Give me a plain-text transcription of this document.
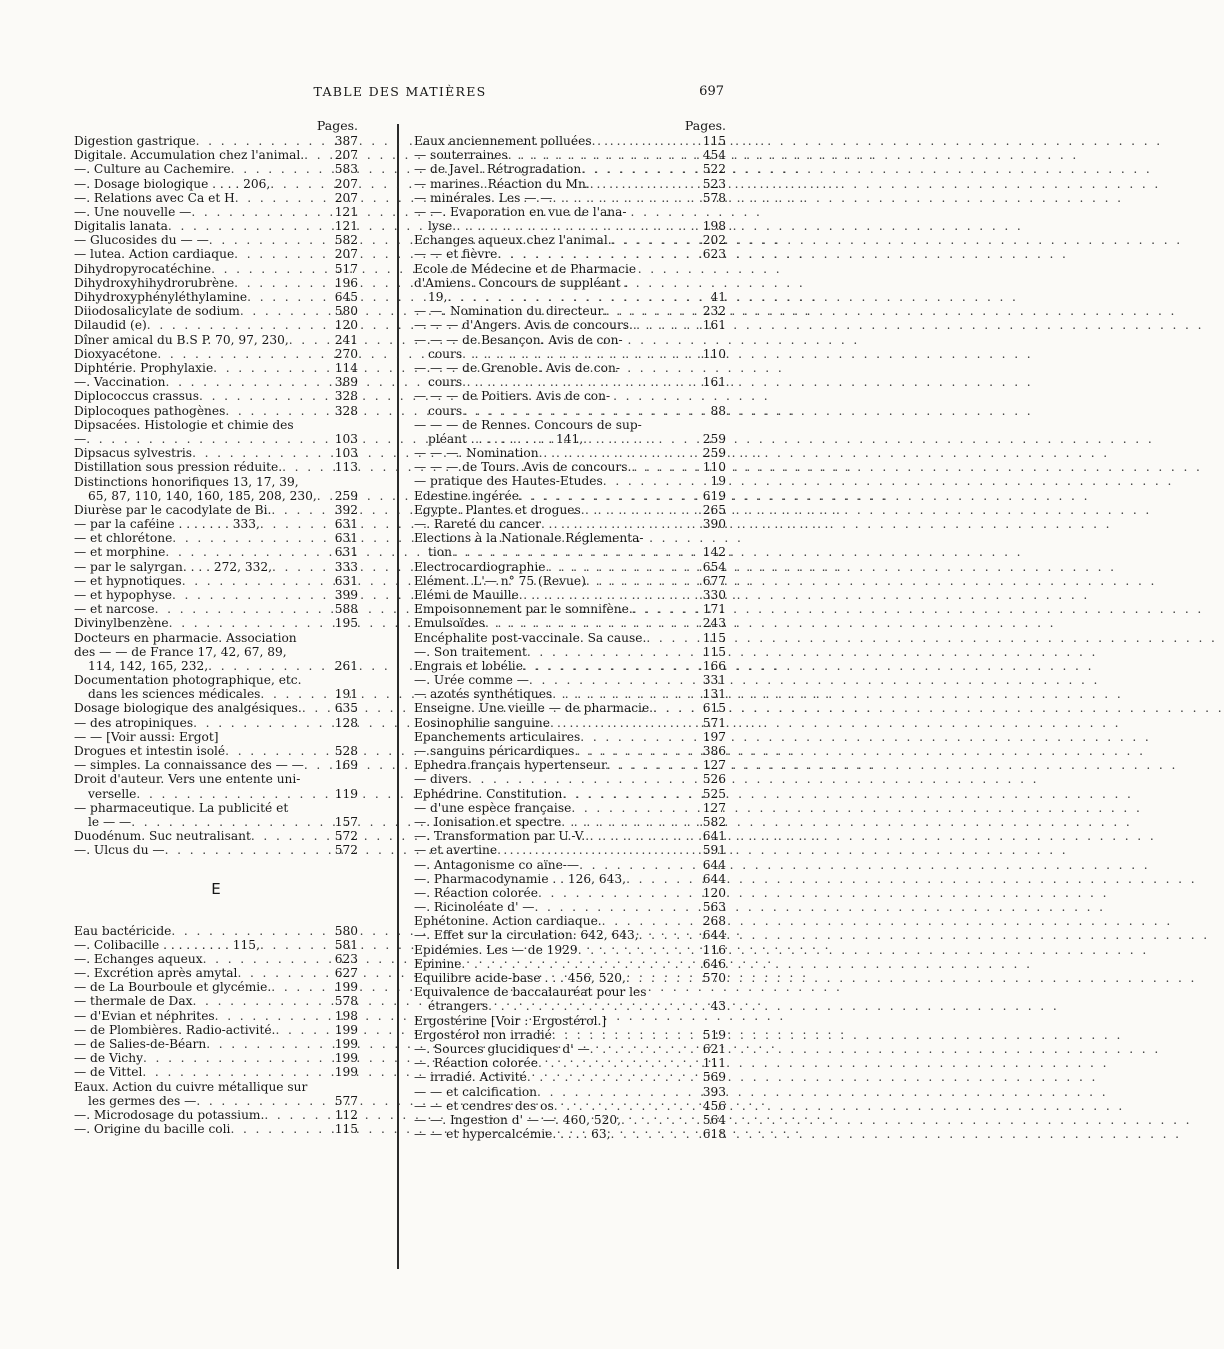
TABLE DES MATIÈRES	697
Pages.
Digestion gastrique . . .	387
Digitale. Accumulation chez l'animal. . . .	207
—. Culture au Cachemire . . .	583
—. Dosage biologique . . . . 206, . . .	207
—. Relations avec Ca et H . . .	207
—. Une nouvelle — . . .	121
Digitalis lanata . . .	121
— Glucosides du — — . . .	582
— lutea. Action cardiaque . . .	207
Dihydropyrocatéchine . . .	517
Dihydroxyhihydrorubrène . . .	196
Dihydroxyphényléthylamine . . .	645
Diiodosalicylate de sodium . . .	580
Dilaudid (e) . . .	120
Dîner amical du B.S P. 70, 97, 230, . . .	241
Dioxyacétone . . .	270
Diphtérie. Prophylaxie . . .	114
—. Vaccination . . .	389
Diplococcus crassus . . .	328
Diplocoques pathogènes . . .	328
Dipsacées. Histologie et chimie des
— . . .	103
Dipsacus sylvestris . . .	103
Distillation sous pression réduite. . . .	113
Distinctions honorifiques 13, 17, 39,
65, 87, 110, 140, 160, 185, 208, 230, . . .	259
Diurèse par le cacodylate de Bi. . . .	392
— par la caféine . . . . . . . 333, . . .	631
— et chlorétone . . .	631
— et morphine . . .	631
— par le salyrgan. . . . 272, 332, . . .	333
— et hypnotiques . . .	631
— et hypophyse . . .	399
— et narcose . . .	588
Divinylbenzène . . .	195
Docteurs en pharmacie. Association
des — — de France 17, 42, 67, 89,
114, 142, 165, 232, . . .	261
Documentation photographique, etc.
dans les sciences médicales . . .	191
Dosage biologique des analgésiques. . . .	635
— des atropiniques . . .	128
— — [Voir aussi: Ergot]
Drogues et intestin isolé . . .	528
— simples. La connaissance des — — . . .	169
Droit d'auteur. Vers une entente uni-
verselle . . .	119
— pharmaceutique. La publicité et
le — — . . .	157
Duodénum. Suc neutralisant . . .	572
—. Ulcus du — . . .	572
E
Eau bactéricide . . .	580
—. Colibacille . . . . . . . . . 115, . . .	581
—. Echanges aqueux . . .	623
—. Excrétion après amytal . . .	627
— de La Bourboule et glycémie. . . .	199
— thermale de Dax . . .	578
— d'Evian et néphrites . . .	198
— de Plombières. Radio-activité. . . .	199
— de Salies-de-Béarn . . .	199
— de Vichy . . .	199
— de Vittel . . .	199
Eaux. Action du cuivre métallique sur
les germes des — . . .	577
—. Microdosage du potassium. . . .	112
—. Origine du bacille coli . . .	115
Pages.
Eaux anciennement polluées . . .	115
— souterraines . . .	454
— de Javel. Rétrogradation . . .	522
— marines. Réaction du Mn. . . .	523
— minérales. Les — — . . .	578
— —. Evaporation en vue de l'ana-
lyse . . .	198
Echanges aqueux chez l'animal. . . .	202
— — et fièvre . . .	623
Ecole de Médecine et de Pharmacie
d'Amiens. Concours de suppléant .
19, . . .	41
— —. Nomination du directeur. . . .	232
— — — d'Angers. Avis de concours. . . .	161
— — — de Besançon. Avis de con-
cours . . .	110
— — — de Grenoble. Avis de con-
cours . . .	161
— — — de Poitiers. Avis de con-
cours . . .	88
— — — de Rennes. Concours de sup-
pléant . . . . . . . . . . . 141, . . .	259
— — —. Nomination . . .	259
— — — de Tours. Avis de concours. . . .	110
— pratique des Hautes-Etudes . . .	19
Edestine ingérée . . .	619
Egypte. Plantes et drogues . . .	265
—. Rareté du cancer . . .	390
Elections à la Nationale Réglementa-
tion . . .	142
Electrocardiographie . . .	654
Elément. L'— n° 75 (Revue) . . .	677
Elémi de Mauille . . .	330
Empoisonnement par le somnifène. . . .	171
Emulsoïdes . . .	243
Encéphalite post-vaccinale. Sa cause. . . .	115
—. Son traitement . . .	115
Engrais et lobélie . . .	166
—. Urée comme — . . .	331
— azotés synthétiques . . .	131
Enseigne. Une vieille — de pharmacie. . . .	615
Eosinophilie sanguine . . .	571
Epanchements articulaires . . .	197
— sanguins péricardiques . . .	386
Ephedra français hypertenseur . . .	127
— divers . . .	526
Ephédrine. Constitution . . .	525
— d'une espèce française . . .	127
—. Ionisation et spectre . . .	582
—. Transformation par U.-V. . . .	641
— et avertine . . .	591
—. Antagonisme co aïne-— . . .	644
—. Pharmacodynamie . . 126, 643, . . .	644
—. Réaction colorée . . .	120
—. Ricinoléate d' — . . .	563
Ephétonine. Action cardiaque. . . .	268
—. Effet sur la circulation. 642, 643, . . .	644
Epidémies. Les — de 1929 . . .	116
Epinine . . .	646
Equilibre acide-base . . . 456, 520, . . .	570
Equivalence de baccalauréat pour les
étrangers . . .	43
Ergostérine [Voir : Ergostérol.]
Ergostérol non irradié . . .	519
—. Sources glucidiques d' — . . .	621
—. Réaction colorée . . .	111
— irradié. Activité . . .	569
— — et calcification . . .	393
— — et cendres des os . . .	456
— —. Ingestion d' — —. 460, 520, . . .	564
— — et hypercalcémie. . . . . 63, . . .	618
